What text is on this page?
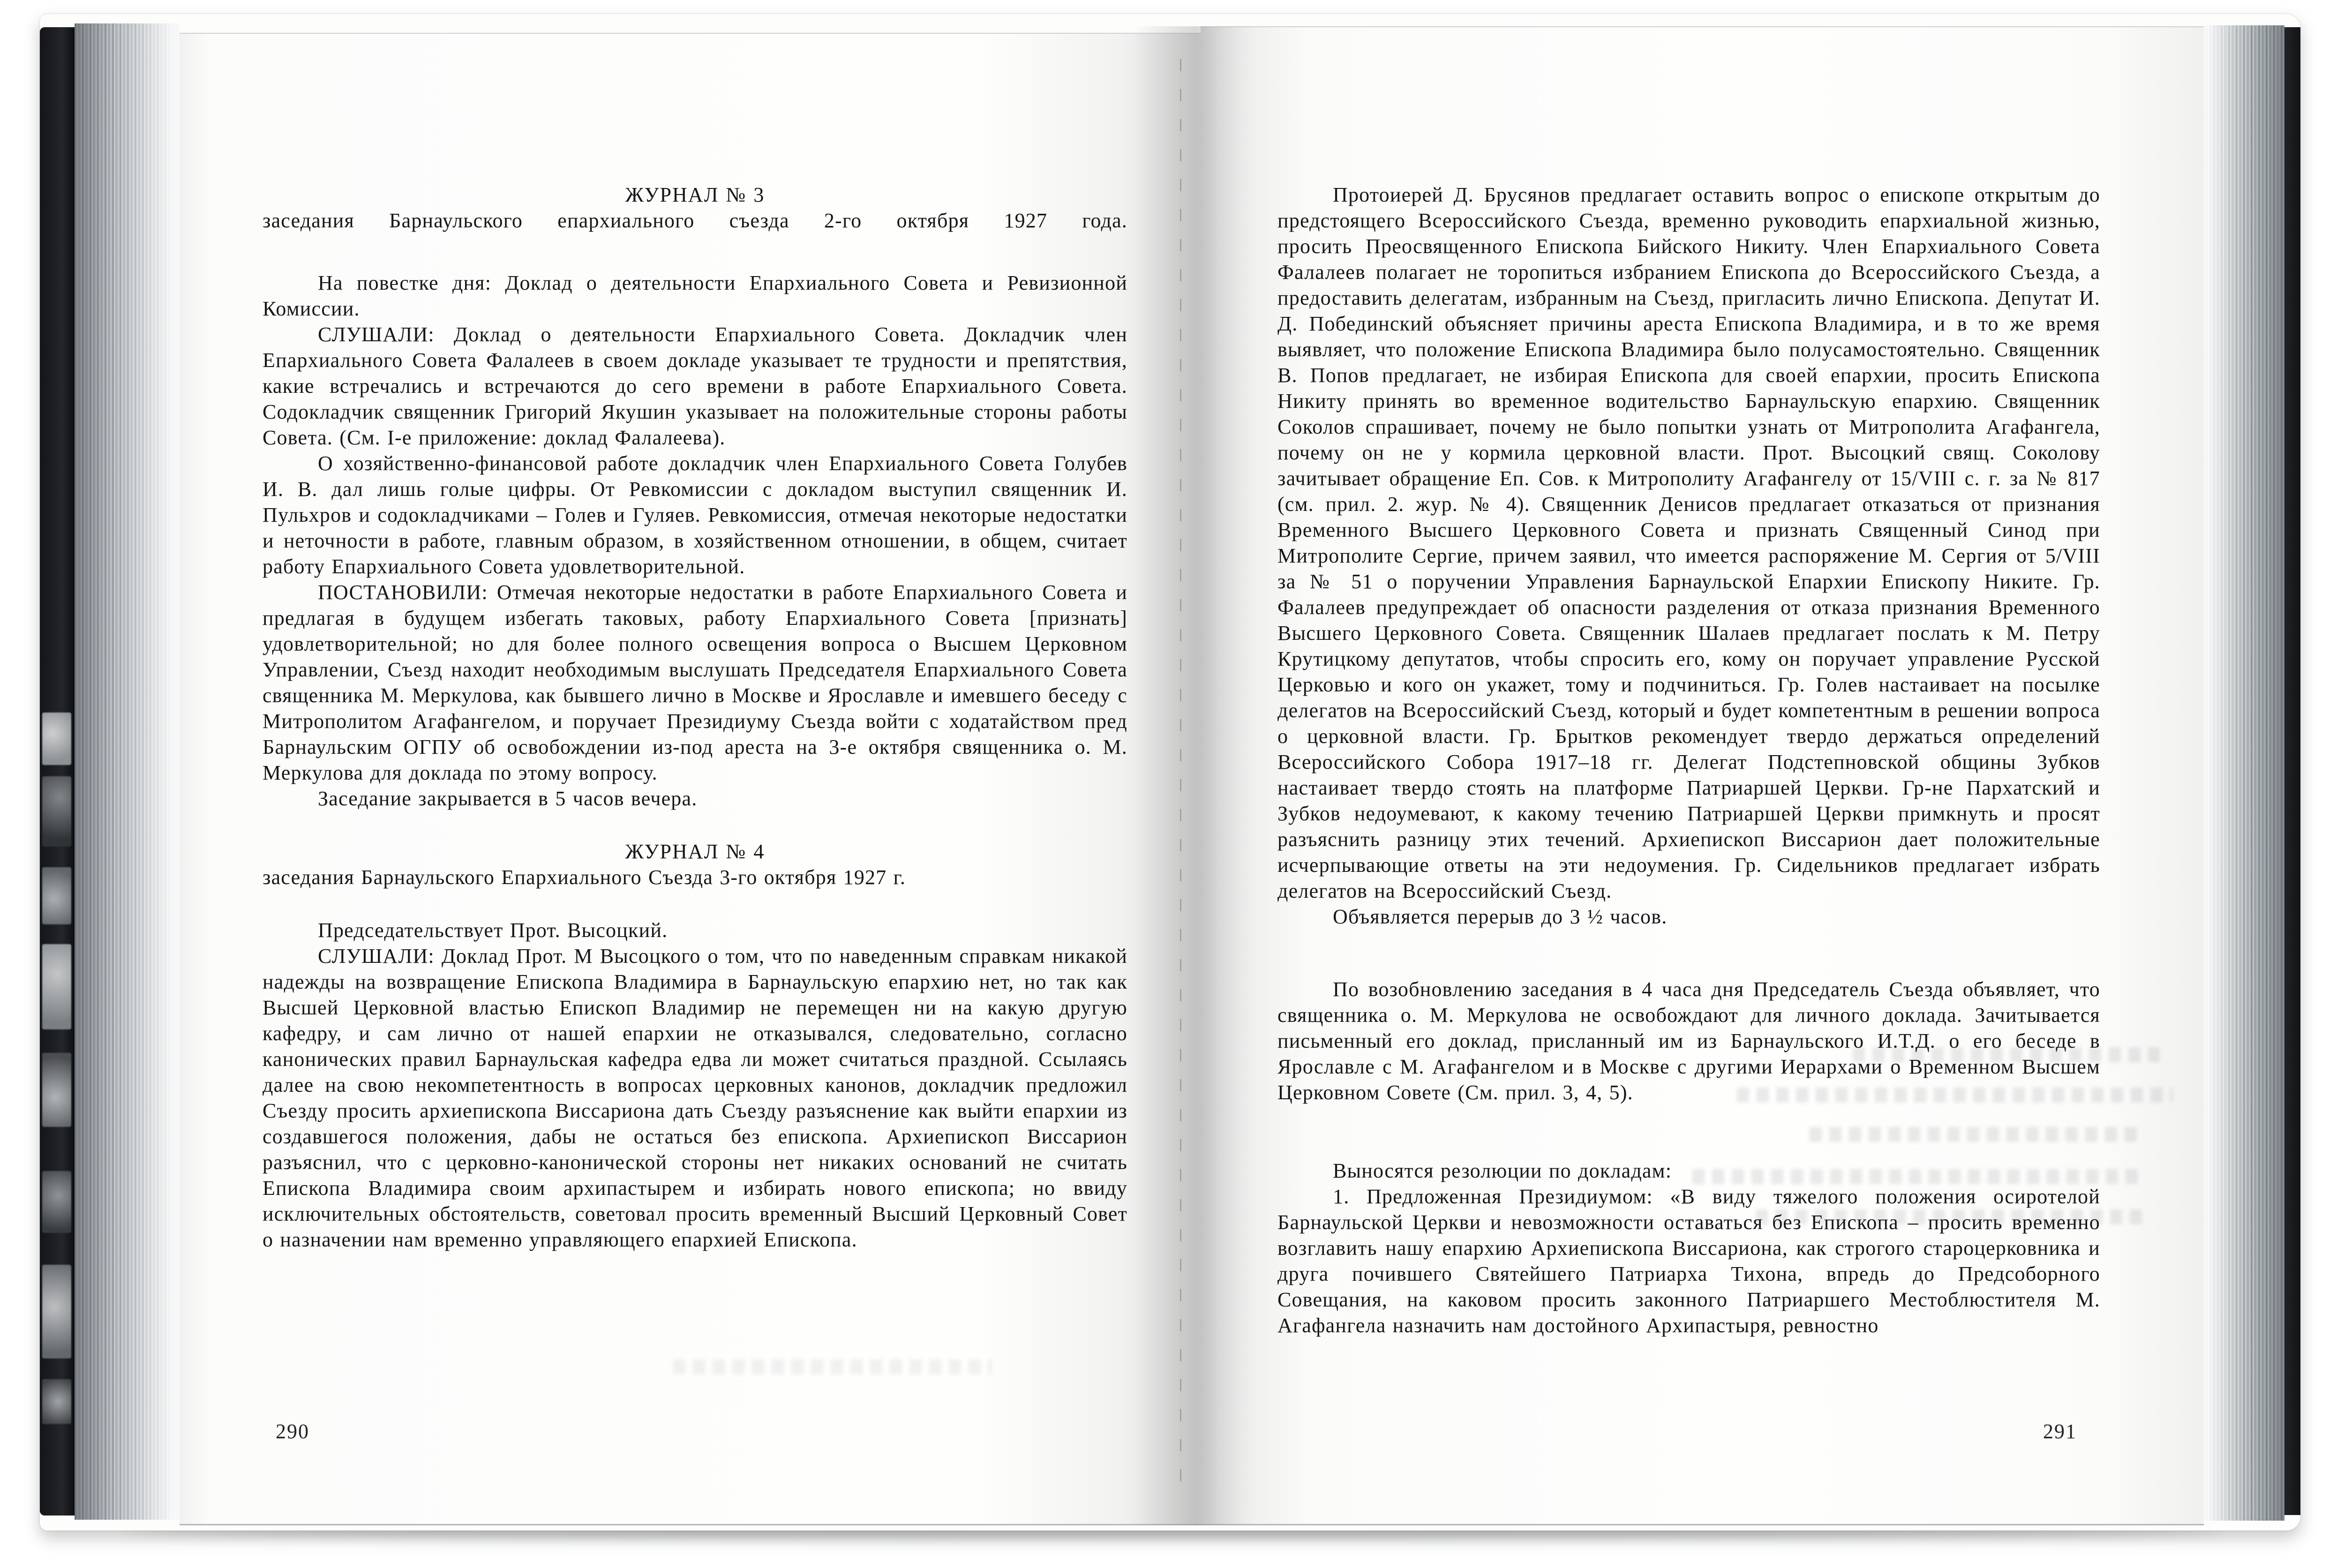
ЖУРНАЛ № 3
заседания Барнаульского епархиального съезда 2-го октября 1927 года.

На повестке дня: Доклад о деятельности Епархиального Совета и Ревизионной Комиссии.

СЛУШАЛИ: Доклад о деятельности Епархиального Совета. Докладчик член Епархиального Совета Фалалеев в своем докладе указывает те трудности и препятствия, какие встречались и встречаются до сего времени в работе Епархиального Совета. Содокладчик священник Григорий Якушин указывает на положительные стороны работы Совета. (См. I-е приложение: доклад Фалалеева).

О хозяйственно-финансовой работе докладчик член Епархиального Совета Голубев И. В. дал лишь голые цифры. От Ревкомиссии с докладом выступил священник И. Пульхров и содокладчиками – Голев и Гуляев. Ревкомиссия, отмечая некоторые недостатки и неточности в работе, главным образом, в хозяйственном отношении, в общем, считает работу Епархиального Совета удовлетворительной.

ПОСТАНОВИЛИ: Отмечая некоторые недостатки в работе Епархиального Совета и предлагая в будущем избегать таковых, работу Епархиального Совета [признать] удовлетворительной; но для более полного освещения вопроса о Высшем Церковном Управлении, Съезд находит необходимым выслушать Председателя Епархиального Совета священника М. Меркулова, как бывшего лично в Москве и Ярославле и имевшего беседу с Митрополитом Агафангелом, и поручает Президиуму Съезда войти с ходатайством пред Барнаульским ОГПУ об освобождении из-под ареста на 3-е октября священника о. М. Меркулова для доклада по этому вопросу.

Заседание закрывается в 5 часов вечера.

ЖУРНАЛ № 4
заседания Барнаульского Епархиального Съезда 3-го октября 1927 г.

Председательствует Прот. Высоцкий.

СЛУШАЛИ: Доклад Прот. М Высоцкого о том, что по наведенным справкам никакой надежды на возвращение Епископа Владимира в Барнаульскую епархию нет, но так как Высшей Церковной властью Епископ Владимир не перемещен ни на какую другую кафедру, и сам лично от нашей епархии не отказывался, следовательно, согласно канонических правил Барнаульская кафедра едва ли может считаться праздной. Ссылаясь далее на свою некомпетентность в вопросах церковных канонов, докладчик предложил Съезду просить архиепископа Виссариона дать Съезду разъяснение как выйти епархии из создавшегося положения, дабы не остаться без епископа. Архиепископ Виссарион разъяснил, что с церковно-канонической стороны нет никаких оснований не считать Епископа Владимира своим архипастырем и избирать нового епископа; но ввиду исключительных обстоятельств, советовал просить временный Высший Церковный Совет о назначении нам временно управляющего епархией Епископа.

290

Протоиерей Д. Брусянов предлагает оставить вопрос о епископе открытым до предстоящего Всероссийского Съезда, временно руководить епархиальной жизнью, просить Преосвященного Епископа Бийского Никиту. Член Епархиального Совета Фалалеев полагает не торопиться избранием Епископа до Всероссийского Съезда, а предоставить делегатам, избранным на Съезд, пригласить лично Епископа. Депутат И. Д. Побединский объясняет причины ареста Епископа Владимира, и в то же время выявляет, что положение Епископа Владимира было полусамостоятельно. Священник В. Попов предлагает, не избирая Епископа для своей епархии, просить Епископа Никиту принять во временное водительство Барнаульскую епархию. Священник Соколов спрашивает, почему не было попытки узнать от Митрополита Агафангела, почему он не у кормила церковной власти. Прот. Высоцкий свящ. Соколову зачитывает обращение Еп. Сов. к Митрополиту Агафангелу от 15/VIII с. г. за № 817 (см. прил. 2. жур. № 4). Священник Денисов предлагает отказаться от признания Временного Высшего Церковного Совета и признать Священный Синод при Митрополите Сергие, причем заявил, что имеется распоряжение М. Сергия от 5/VIII за № 51 о поручении Управления Барнаульской Епархии Епископу Никите. Гр. Фалалеев предупреждает об опасности разделения от отказа признания Временного Высшего Церковного Совета. Священник Шалаев предлагает послать к М. Петру Крутицкому депутатов, чтобы спросить его, кому он поручает управление Русской Церковью и кого он укажет, тому и подчиниться. Гр. Голев настаивает на посылке делегатов на Всероссийский Съезд, который и будет компетентным в решении вопроса о церковной власти. Гр. Брытков рекомендует твердо держаться определений Всероссийского Собора 1917–18 гг. Делегат Подстепновской общины Зубков настаивает твердо стоять на платформе Патриаршей Церкви. Гр-не Пархатский и Зубков недоумевают, к какому течению Патриаршей Церкви примкнуть и просят разъяснить разницу этих течений. Архиепископ Виссарион дает положительные исчерпывающие ответы на эти недоумения. Гр. Сидельников предлагает избрать делегатов на Всероссийский Съезд.

Объявляется перерыв до 3 ½ часов.

По возобновлению заседания в 4 часа дня Председатель Съезда объявляет, что священника о. М. Меркулова не освобождают для личного доклада. Зачитывается письменный его доклад, присланный им из Барнаульского И.Т.Д. о его беседе в Ярославле с М. Агафангелом и в Москве с другими Иерархами о Временном Высшем Церковном Совете (См. прил. 3, 4, 5).

Выносятся резолюции по докладам:

1. Предложенная Президиумом: «В виду тяжелого положения осиротелой Барнаульской Церкви и невозможности оставаться без Епископа – просить временно возглавить нашу епархию Архиепископа Виссариона, как строгого староцерковника и друга почившего Святейшего Патриарха Тихона, впредь до Предсоборного Совещания, на каковом просить законного Патриаршего Местоблюстителя М. Агафангела назначить нам достойного Архипастыря, ревностно

291
